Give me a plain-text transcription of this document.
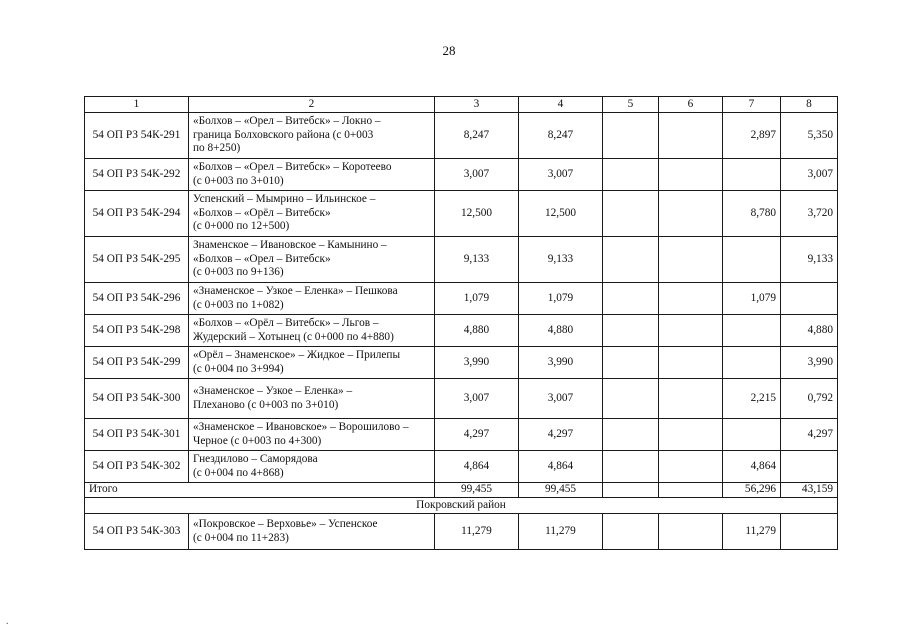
28
1	2	3	4	5	6	7	8
54 ОП РЗ 54К-291	«Болхов – «Орел – Витебск» – Локно –
граница Болховского района (с 0+003
по 8+250)	8,247	8,247			2,897	5,350
54 ОП РЗ 54К-292	«Болхов – «Орел – Витебск» – Коротеево
(с 0+003 по 3+010)	3,007	3,007				3,007
54 ОП РЗ 54К-294	Успенский – Мымрино – Ильинское –
«Болхов – «Орёл – Витебск»
(с 0+000 по 12+500)	12,500	12,500			8,780	3,720
54 ОП РЗ 54К-295	Знаменское – Ивановское – Камынино –
«Болхов – «Орел – Витебск»
(с 0+003 по 9+136)	9,133	9,133				9,133
54 ОП РЗ 54К-296	«Знаменское – Узкое – Еленка» – Пешкова
(с 0+003 по 1+082)	1,079	1,079			1,079	
54 ОП РЗ 54К-298	«Болхов – «Орёл – Витебск» – Льгов –
Жудерский – Хотынец (с 0+000 по 4+880)	4,880	4,880				4,880
54 ОП РЗ 54К-299	«Орёл – Знаменское» – Жидкое – Прилепы
(с 0+004 по 3+994)	3,990	3,990				3,990
54 ОП РЗ 54К-300	«Знаменское – Узкое – Еленка» –
Плеханово (с 0+003 по 3+010)	3,007	3,007			2,215	0,792
54 ОП РЗ 54К-301	«Знаменское – Ивановское» – Ворошилово –
Черное (с 0+003 по 4+300)	4,297	4,297				4,297
54 ОП РЗ 54К-302	Гнездилово – Саморядова
(с 0+004 по 4+868)	4,864	4,864			4,864	
Итого		99,455	99,455			56,296	43,159
Покровский район							
54 ОП РЗ 54К-303	«Покровское – Верховье» – Успенское
(с 0+004 по 11+283)	11,279	11,279			11,279	
.
